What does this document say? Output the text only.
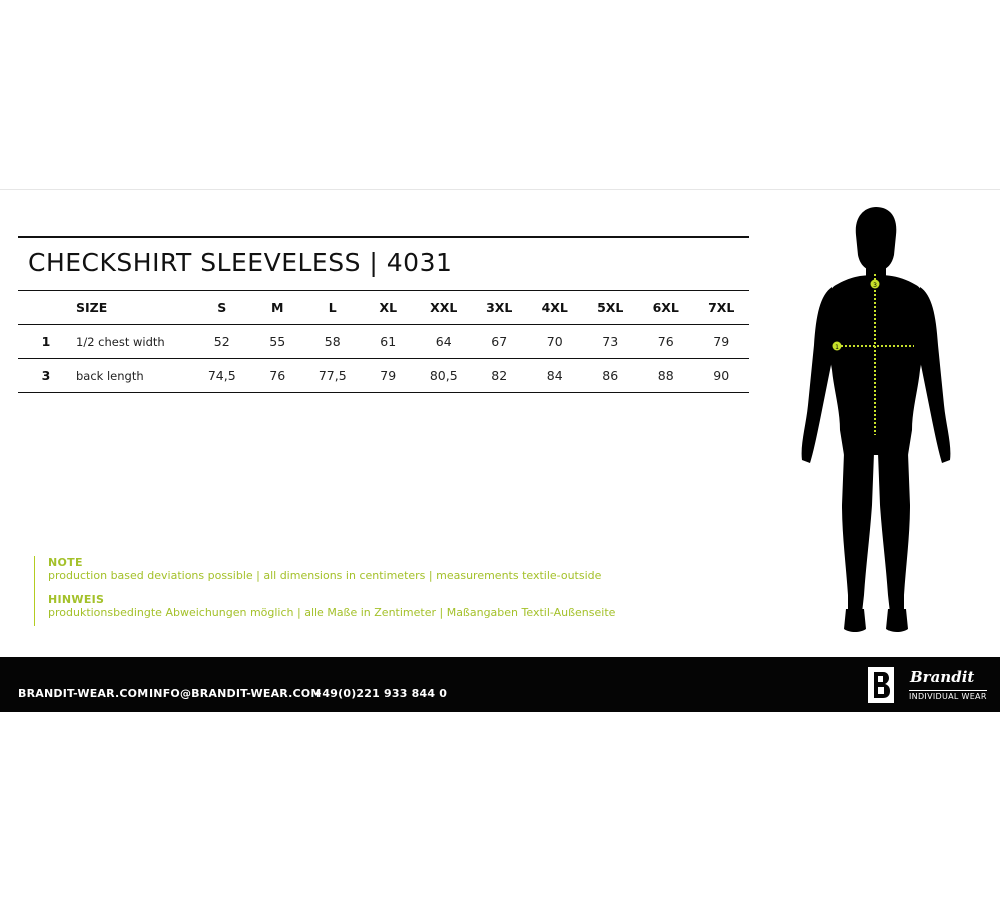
CHECKSHIRT SLEEVELESS | 4031
	SIZE	S	M	L	XL	XXL	3XL	4XL	5XL	6XL	7XL
1	1/2 chest width	52	55	58	61	64	67	70	73	76	79
3	back length	74,5	76	77,5	79	80,5	82	84	86	88	90
NOTE
production based deviations possible | all dimensions in centimeters | measurements textile-outside
HINWEIS
produktionsbedingte Abweichungen möglich | alle Maße in Zentimeter | Maßangaben Textil-Außenseite
1
3
BRANDIT-WEAR.COM INFO@BRANDIT-WEAR.COM
+49(0)221 933 844 0
Brandit
INDIVIDUAL WEAR
